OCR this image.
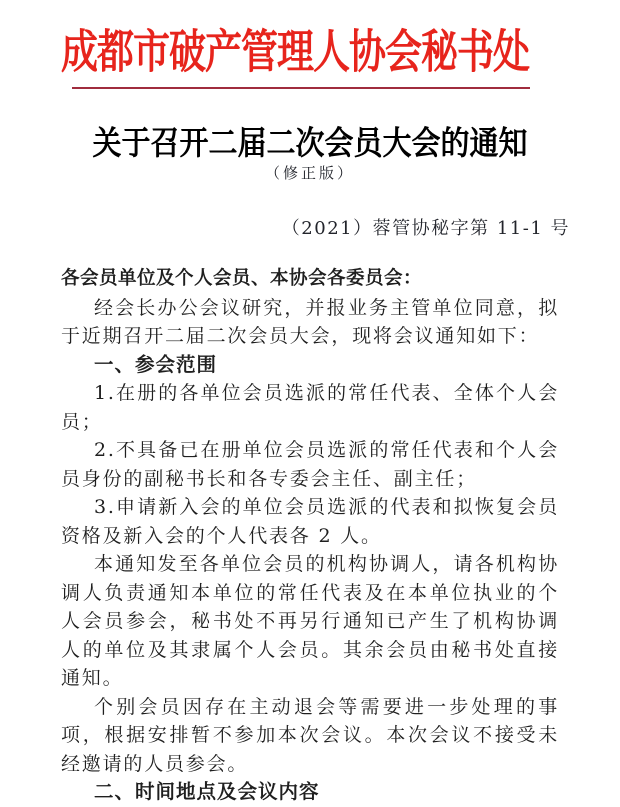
成都市破产管理人协会秘书处
关于召开二届二次会员大会的通知
（修正版）
（2021）蓉管协秘字第 11-1 号

各会员单位及个人会员、本协会各委员会：

经会长办公会议研究，并报业务主管单位同意，拟于近期召开二届二次会员大会，现将会议通知如下：

一、参会范围

1.在册的各单位会员选派的常任代表、全体个人会员；

2.不具备已在册单位会员选派的常任代表和个人会员身份的副秘书长和各专委会主任、副主任；

3.申请新入会的单位会员选派的代表和拟恢复会员资格及新入会的个人代表各 2 人。

本通知发至各单位会员的机构协调人，请各机构协调人负责通知本单位的常任代表及在本单位执业的个人会员参会，秘书处不再另行通知已产生了机构协调人的单位及其隶属个人会员。其余会员由秘书处直接通知。

个别会员因存在主动退会等需要进一步处理的事项，根据安排暂不参加本次会议。本次会议不接受未经邀请的人员参会。

二、时间地点及会议内容
